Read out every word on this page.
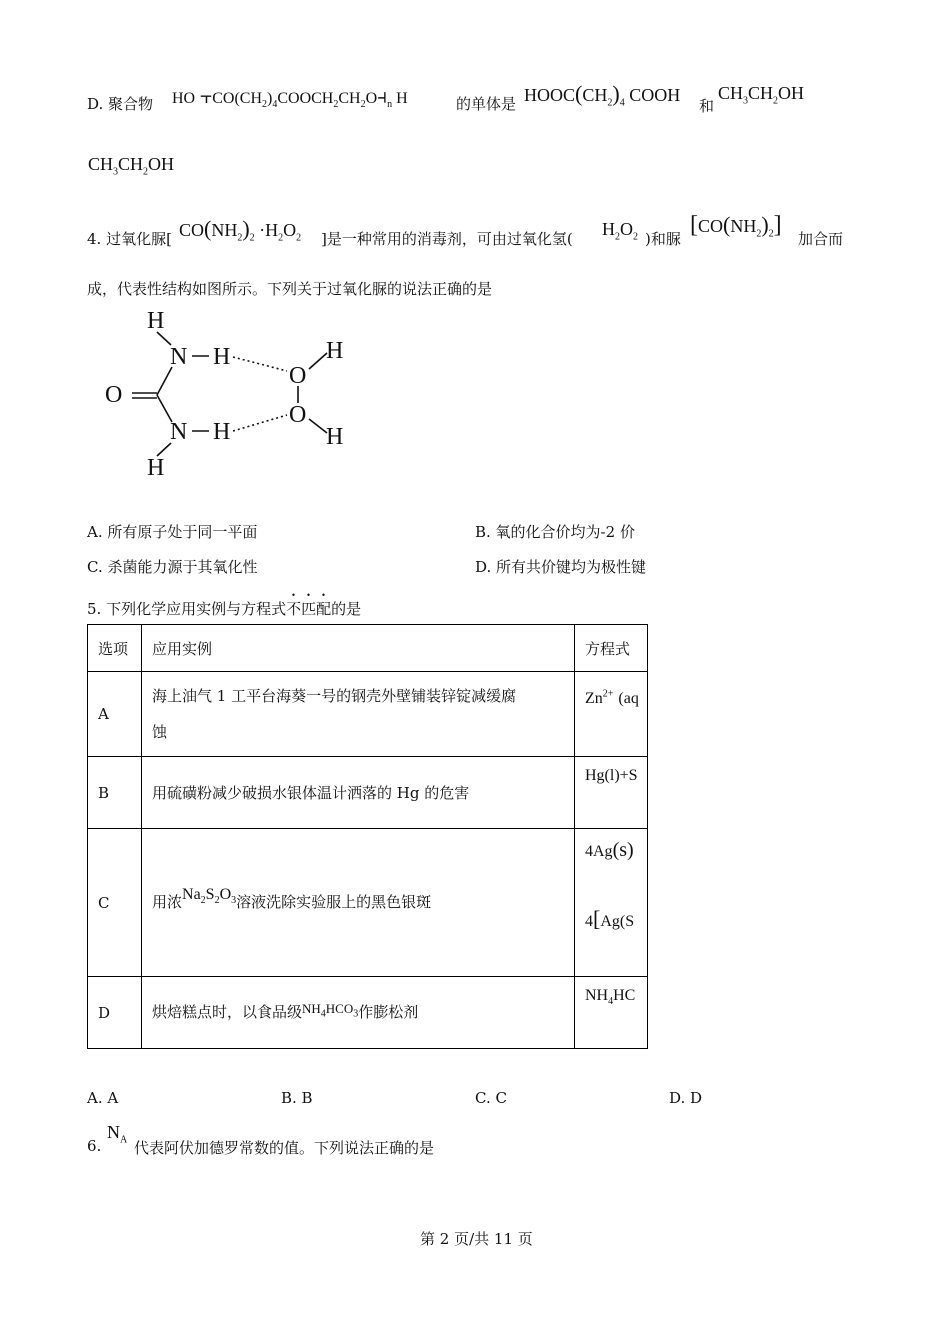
D. 聚合物 HO $⫟CO(CH_2)_4COOCH_2CH_2O⫞_n$ H	的单体是 $HOOC(CH_2)_4$ COOH
和
$CH_3CH_2OH$
$CH_3CH_2OH$
4. 过氧化脲[ $CO(NH_2)_2 \cdot H_2O_2$ ]是一种常用的消毒剂，可由过氧化氢( $H_2O_2$ )和脲
$[CO(NH_2)_2]$
加合而
成，代表性结构如图所示。下列关于过氧化脲的说法正确的是
H
N H
O
H
O
N H
O
H
H
A. 所有原子处于同一平面	B. 氧的化合价均为-2 价
C. 杀菌能力源于其氧化性	D. 所有共价键均为极性键
5. 下列化学应用实例与方程式不匹配的是
选项	应用实例	方程式
A	海上油气 1 工平台海葵一号的钢壳外壁铺装锌锭减缓腐
蚀	$Zn^{2+}$ (aq

B	用硫磺粉减少破损水银体温计洒落的 Hg 的危害	Hg(l)+S

C	用浓$Na_2S_2O_3$溶液洗除实验服上的黑色银斑	4Ag(s)
4[Ag(S

D	烘焙糕点时，以食品级$NH_4HCO_3$作膨松剂	$NH_4HC$
A. A	B. B	C. C	D. D
6.
$N_A$ 代表阿伏加德罗常数的值。下列说法正确的是
第 2 页/共 11 页
